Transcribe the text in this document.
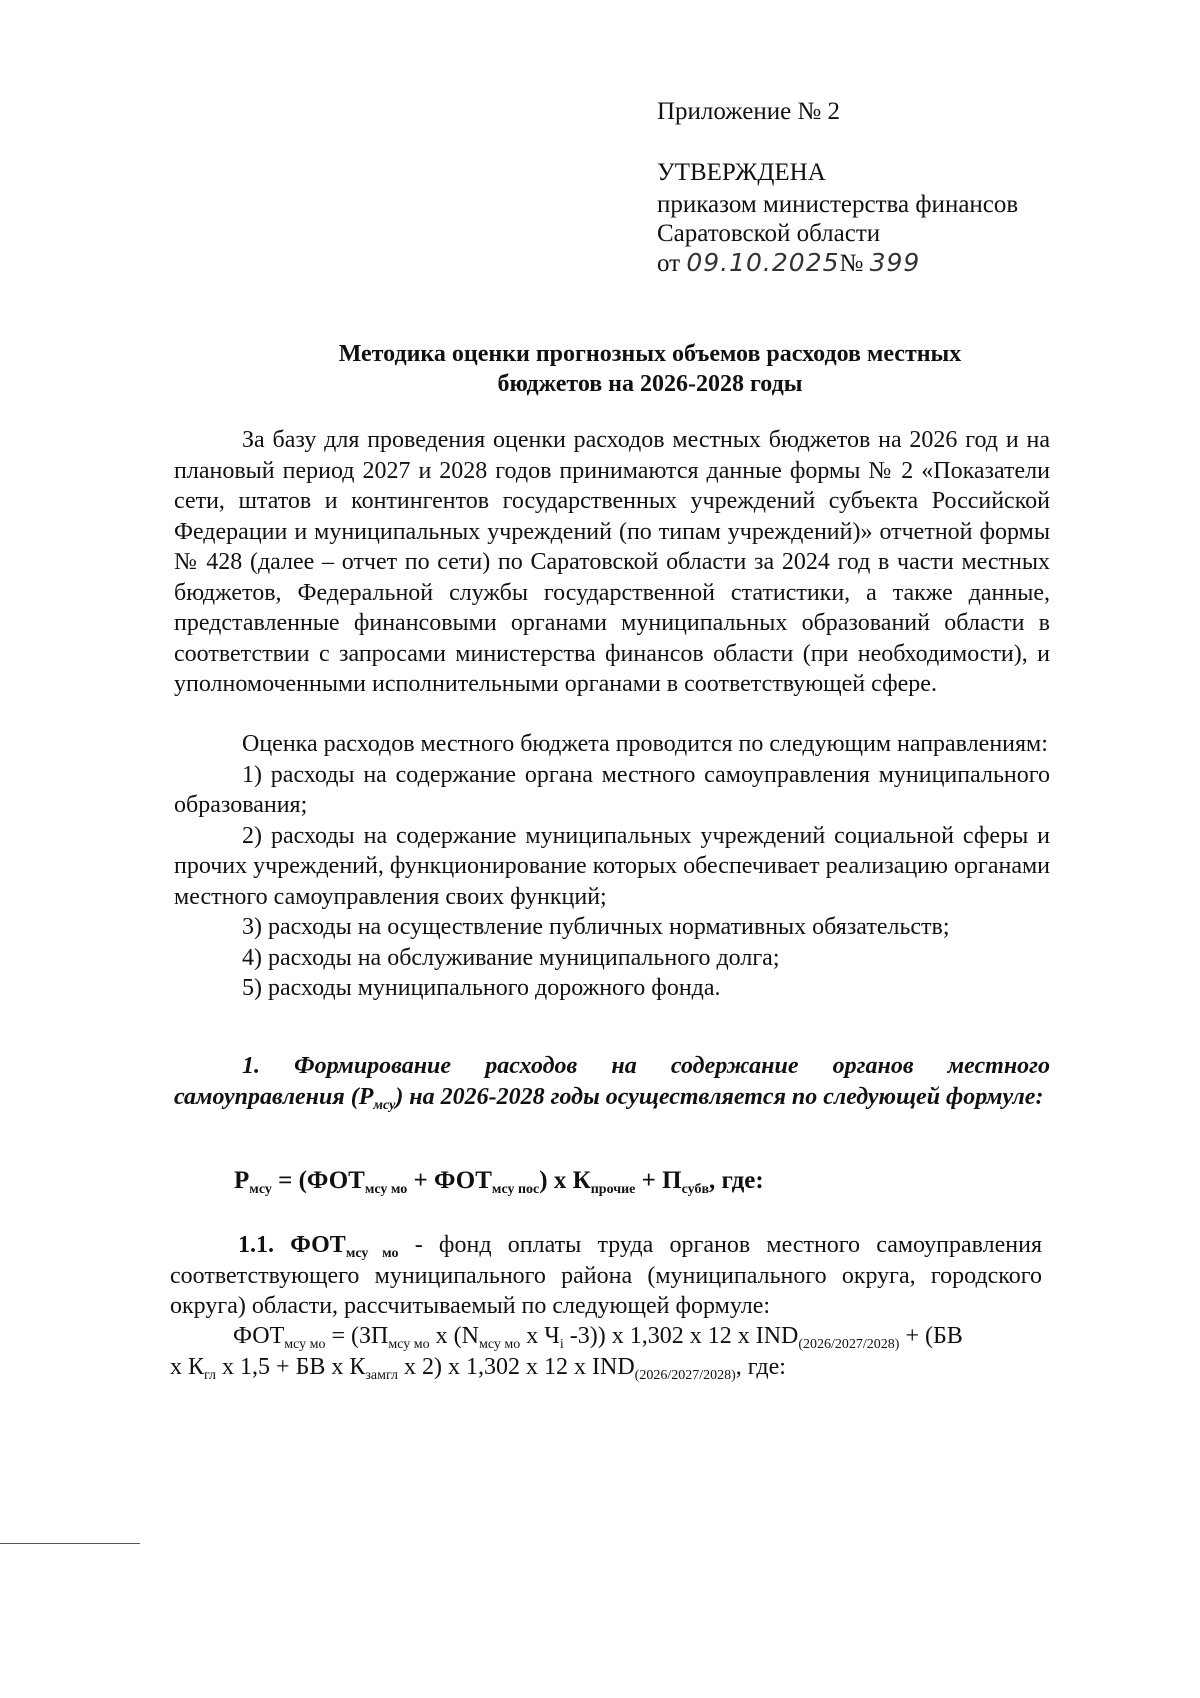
Приложение № 2
УТВЕРЖДЕНА
приказом министерства финансов
Саратовской области
от 09.10.2025№ 399
Методика оценки прогнозных объемов расходов местных
бюджетов на 2026-2028 годы

За базу для проведения оценки расходов местных бюджетов на 2026 год и на плановый период 2027 и 2028 годов принимаются данные формы № 2 «Показатели сети, штатов и контингентов государственных учреждений субъекта Российской Федерации и муниципальных учреждений (по типам учреждений)» отчетной формы № 428 (далее – отчет по сети) по Саратовской области за 2024 год в части местных бюджетов, Федеральной службы государственной статистики, а также данные, представленные финансовыми органами муниципальных образований области в соответствии с запросами министерства финансов области (при необходимости), и уполномоченными исполнительными органами в соответствующей сфере.

Оценка расходов местного бюджета проводится по следующим направлениям:

1) расходы на содержание органа местного самоуправления муниципального образования;

2) расходы на содержание муниципальных учреждений социальной сферы и прочих учреждений, функционирование которых обеспечивает реализацию органами местного самоуправления своих функций;

3) расходы на осуществление публичных нормативных обязательств;

4) расходы на обслуживание муниципального долга;

5) расходы муниципального дорожного фонда.

1. Формирование расходов на содержание органов местного самоуправления $(Р_{мсу})$ на 2026-2028 годы осуществляется по следующей формуле:

$Р_{мсу} = (ФОТ_{мсу мо} + ФОТ_{мсу пос})$ х $К_{прочие} + П_{субв}$, где:

1.1. $ФОТ_{мсу мо}$ - фонд оплаты труда органов местного самоуправления соответствующего муниципального района (муниципального округа, городского округа) области, рассчитываемый по следующей формуле:

$ФОТ_{мсу мо} = (ЗП_{мсу мо}$ х ($N_{мсу мо}$ х $Ч_i$ -3)) х 1,302 х 12 х $IND_{(2026/2027/2028)} + (БВ$
х $К_{гл}$ х 1,5 + БВ х $К_{замгл}$ х 2) х 1,302 х 12 х $IND_{(2026/2027/2028)}$, где:
